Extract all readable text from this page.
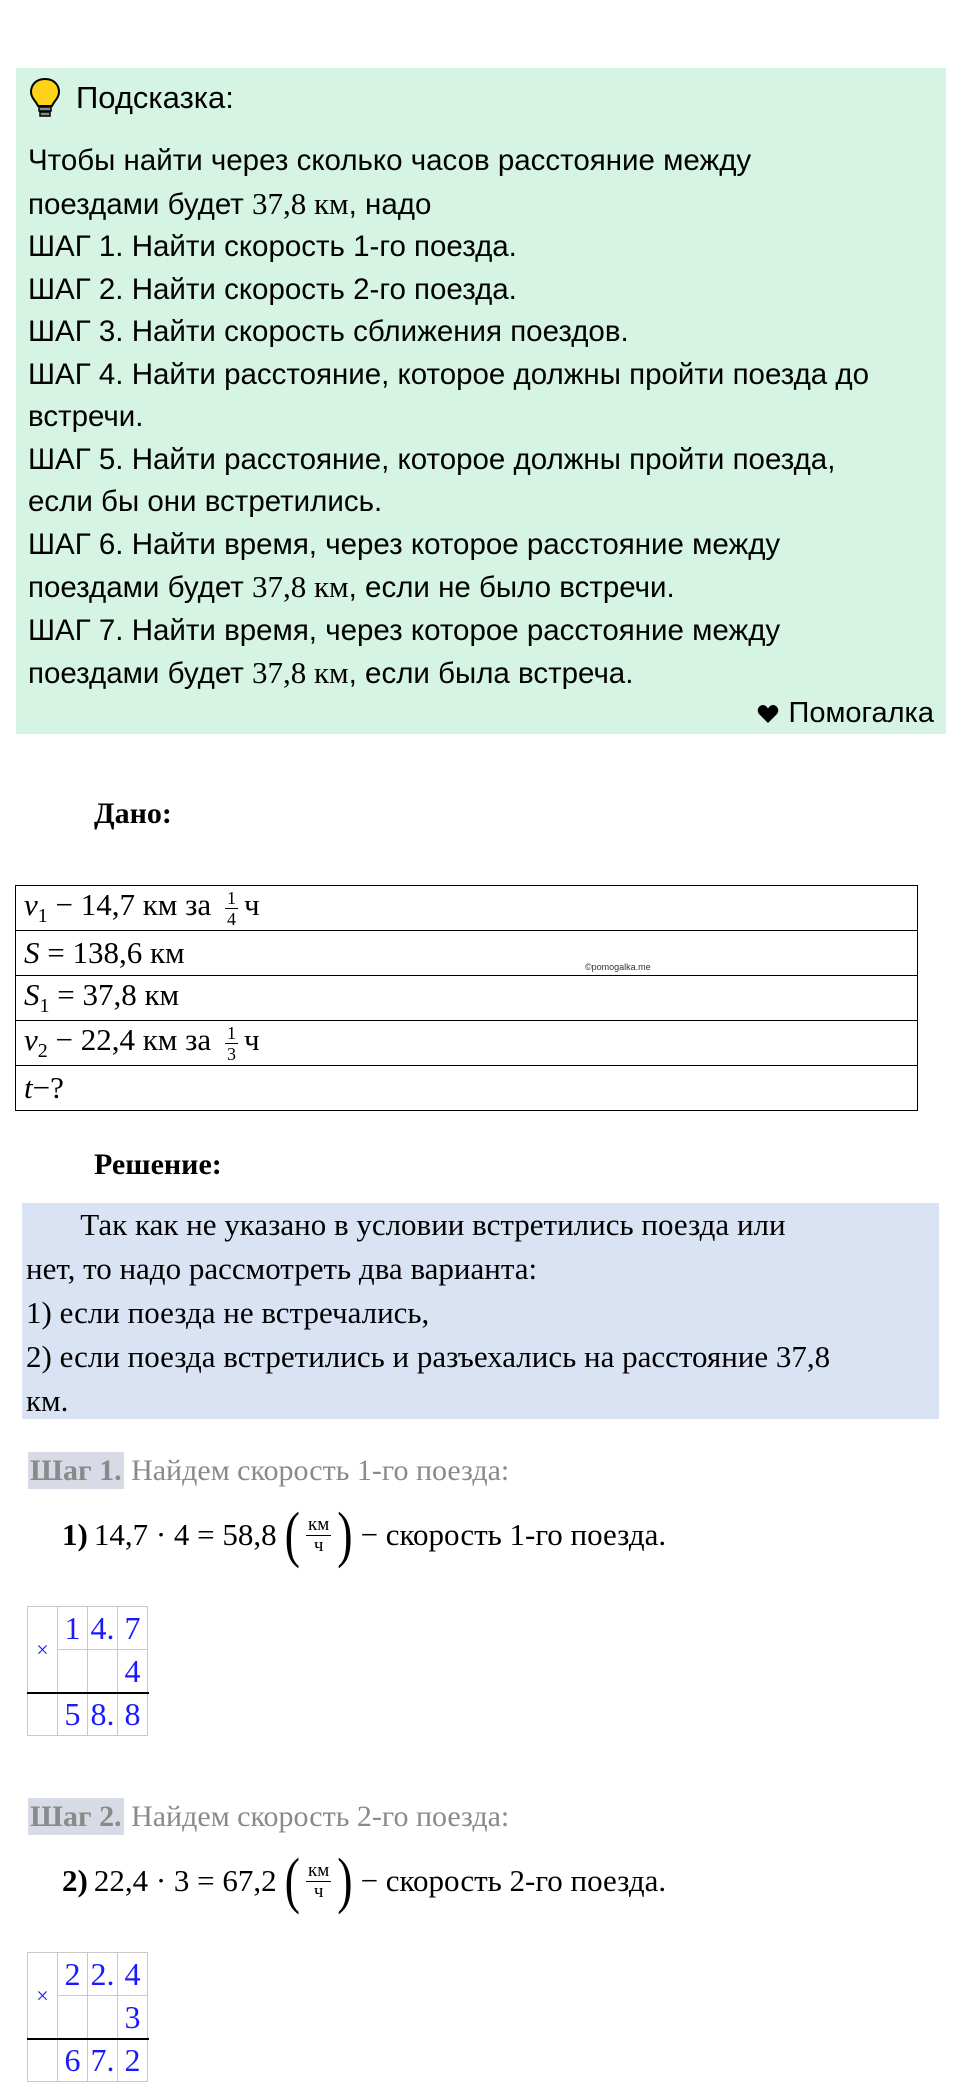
Подсказка:
Чтобы найти через сколько часов расстояние между
поездами будет 37,8 км, надо
ШАГ 1. Найти скорость 1-го поезда.
ШАГ 2. Найти скорость 2-го поезда.
ШАГ 3. Найти скорость сближения поездов.
ШАГ 4. Найти расстояние, которое должны пройти поезда до
встречи.
ШАГ 5. Найти расстояние, которое должны пройти поезда,
если бы они встретились.
ШАГ 6. Найти время, через которое расстояние между
поездами будет 37,8 км, если не было встречи.
ШАГ 7. Найти время, через которое расстояние между
поездами будет 37,8 км, если была встреча.
Помогалка
Дано:
$v_1 - 14,7$ км за $\frac{1}{4}$ ч
S = 138,6 км
$S_1 = 37,8$ км
$v_2 - 22,4$ км за $\frac{1}{3}$ ч
t−?
©pomogalka.me
Решение:
Так как не указано в условии встретились поезда или
нет, то надо рассмотреть два варианта:
1) если поезда не встречались,
2) если поезда встретились и разъехались на расстояние 37,8
км.
Шаг 1. Найдем скорость 1-го поезда:
1) 14,7 · 4 = 58,8 ( $\frac{км}{ч}$ ) − скорость 1-го поезда.
×	1	4.	7
			4
	5	8.	8
Шаг 2. Найдем скорость 2-го поезда:
2) 22,4 · 3 = 67,2 ( $\frac{км}{ч}$ ) − скорость 2-го поезда.
×	2	2.	4
			3
	6	7.	2
